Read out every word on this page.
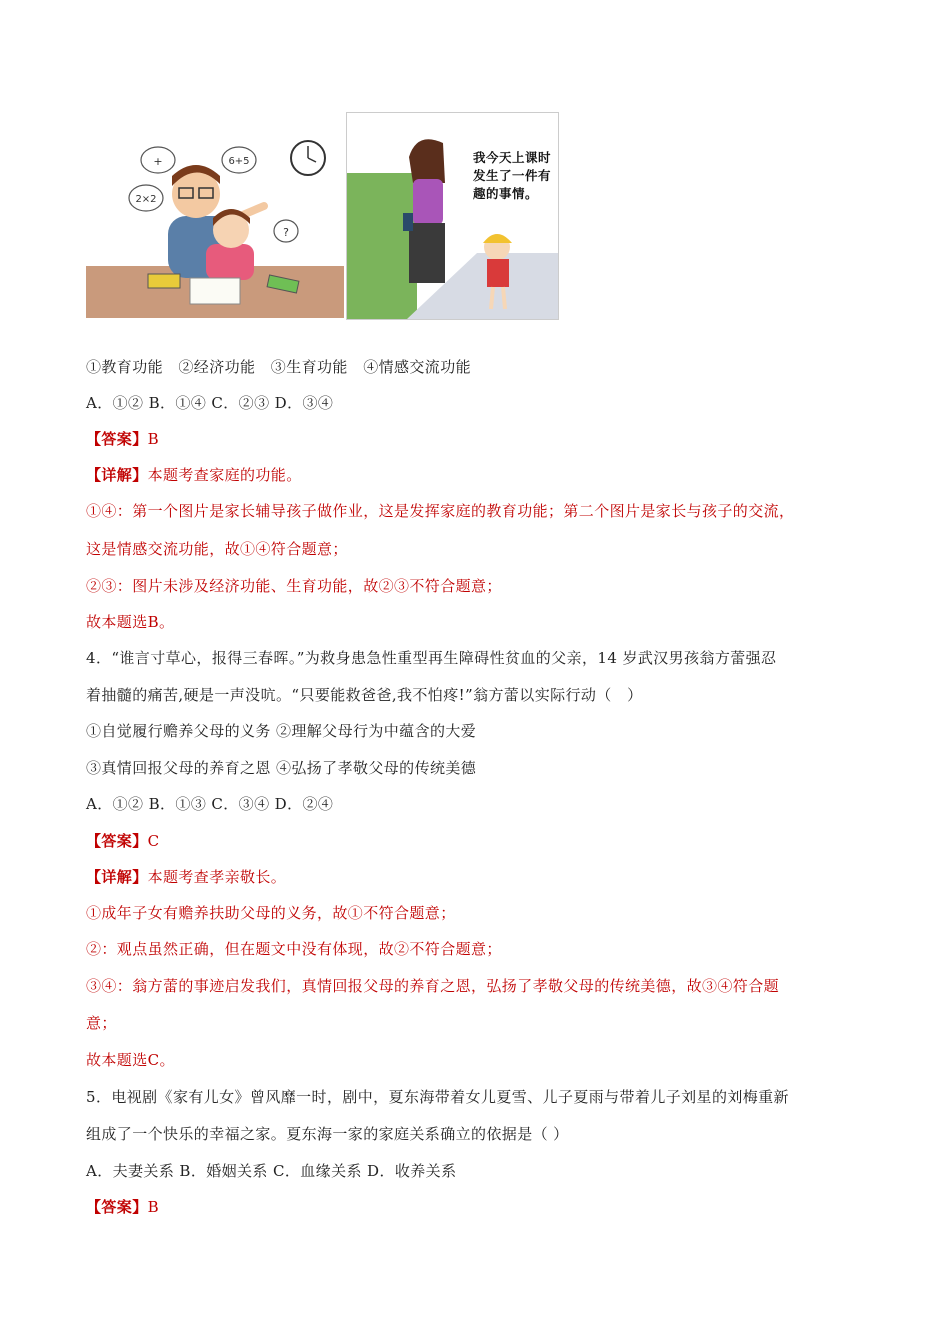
+	6+5
2×2
?
我今天上课时发生了一件有趣的事情。
①教育功能　②经济功能　③生育功能　④情感交流功能
A．①② B．①④ C．②③ D．③④
【答案】B
【详解】本题考查家庭的功能。
①④：第一个图片是家长辅导孩子做作业，这是发挥家庭的教育功能；第二个图片是家长与孩子的交流，
这是情感交流功能，故①④符合题意；
②③：图片未涉及经济功能、生育功能，故②③不符合题意；
故本题选B。
4．“谁言寸草心，报得三春晖。”为救身患急性重型再生障碍性贫血的父亲，14 岁武汉男孩翁方蕾强忍
着抽髓的痛苦,硬是一声没吭。“只要能救爸爸,我不怕疼!”翁方蕾以实际行动（　）
①自觉履行赡养父母的义务 ②理解父母行为中蕴含的大爱
③真情回报父母的养育之恩 ④弘扬了孝敬父母的传统美德
A．①② B．①③ C．③④ D．②④
【答案】C
【详解】本题考查孝亲敬长。
①成年子女有赡养扶助父母的义务，故①不符合题意；
②：观点虽然正确，但在题文中没有体现，故②不符合题意；
③④：翁方蕾的事迹启发我们，真情回报父母的养育之恩，弘扬了孝敬父母的传统美德，故③④符合题
意；
故本题选C。
5．电视剧《家有儿女》曾风靡一时，剧中，夏东海带着女儿夏雪、儿子夏雨与带着儿子刘星的刘梅重新
组成了一个快乐的幸福之家。夏东海一家的家庭关系确立的依据是（ ）
A．夫妻关系 B．婚姻关系 C．血缘关系 D．收养关系
【答案】B
